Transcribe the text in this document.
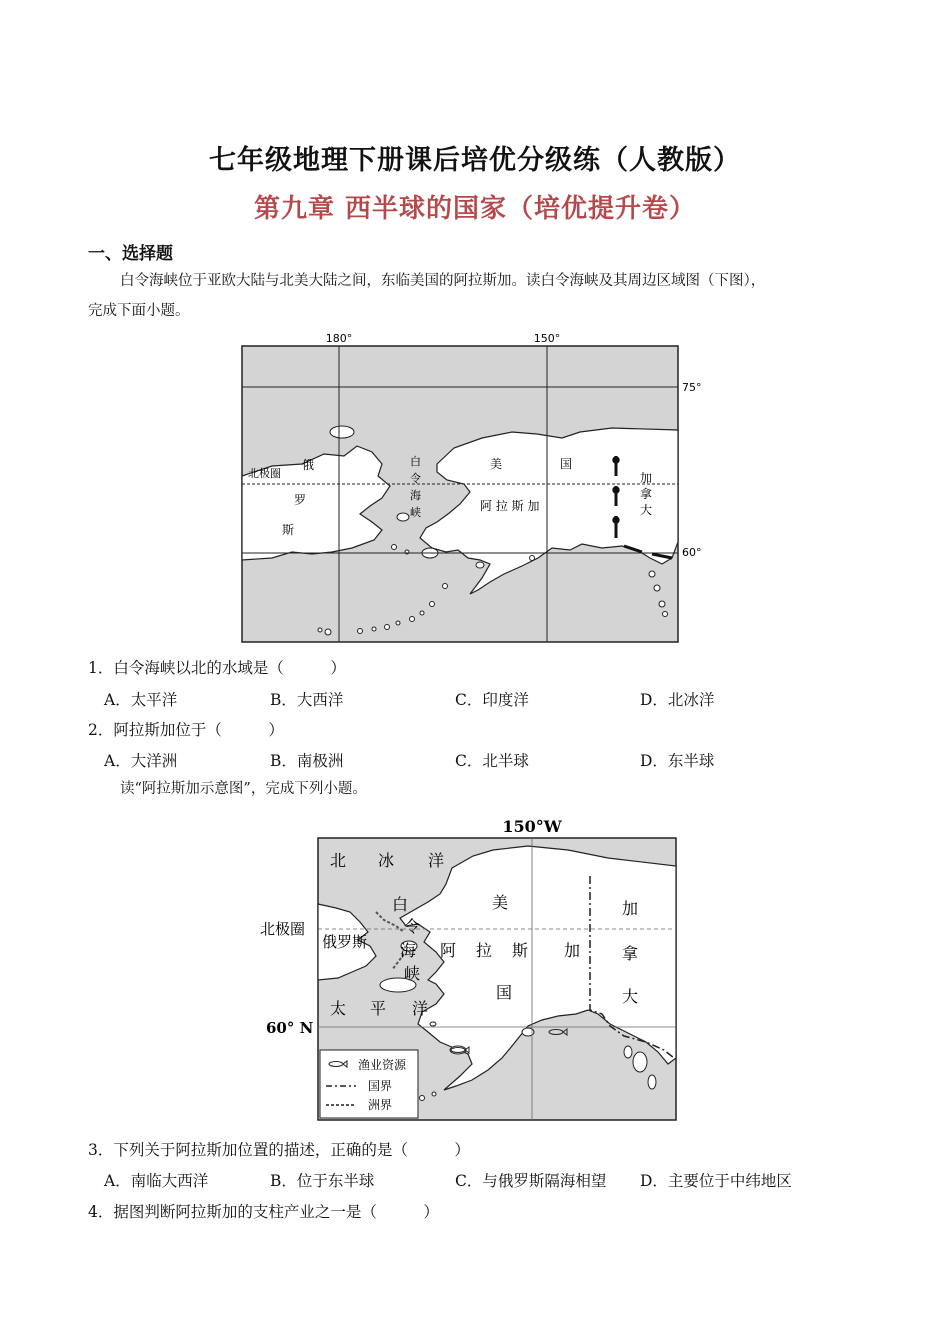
七年级地理下册课后培优分级练（人教版）
第九章 西半球的国家（培优提升卷）
一、选择题
白令海峡位于亚欧大陆与北美大陆之间，东临美国的阿拉斯加。读白令海峡及其周边区域图（下图），
完成下面小题。
180°	150°
75°
60°
北极圈
俄
罗
斯
白
令
海
峡
美	国
阿 拉 斯 加
加
拿
大
1．白令海峡以北的水域是（　　　）
A．太平洋	B．大西洋	C．印度洋	D．北冰洋
2．阿拉斯加位于（　　　）
A．大洋洲	B．南极洲	C．北半球	D．东半球
读“阿拉斯加示意图”，完成下列小题。
渔业资源
国界
洲界
150°W
北极圈
60° N
北 冰 洋
白
令
海
峡
俄罗斯
太 平 洋
美
国
阿 拉 斯 加
加
拿
大
3．下列关于阿拉斯加位置的描述，正确的是（　　　）
A．南临大西洋	B．位于东半球	C．与俄罗斯隔海相望 D．主要位于中纬地区
4．据图判断阿拉斯加的支柱产业之一是（　　　）
